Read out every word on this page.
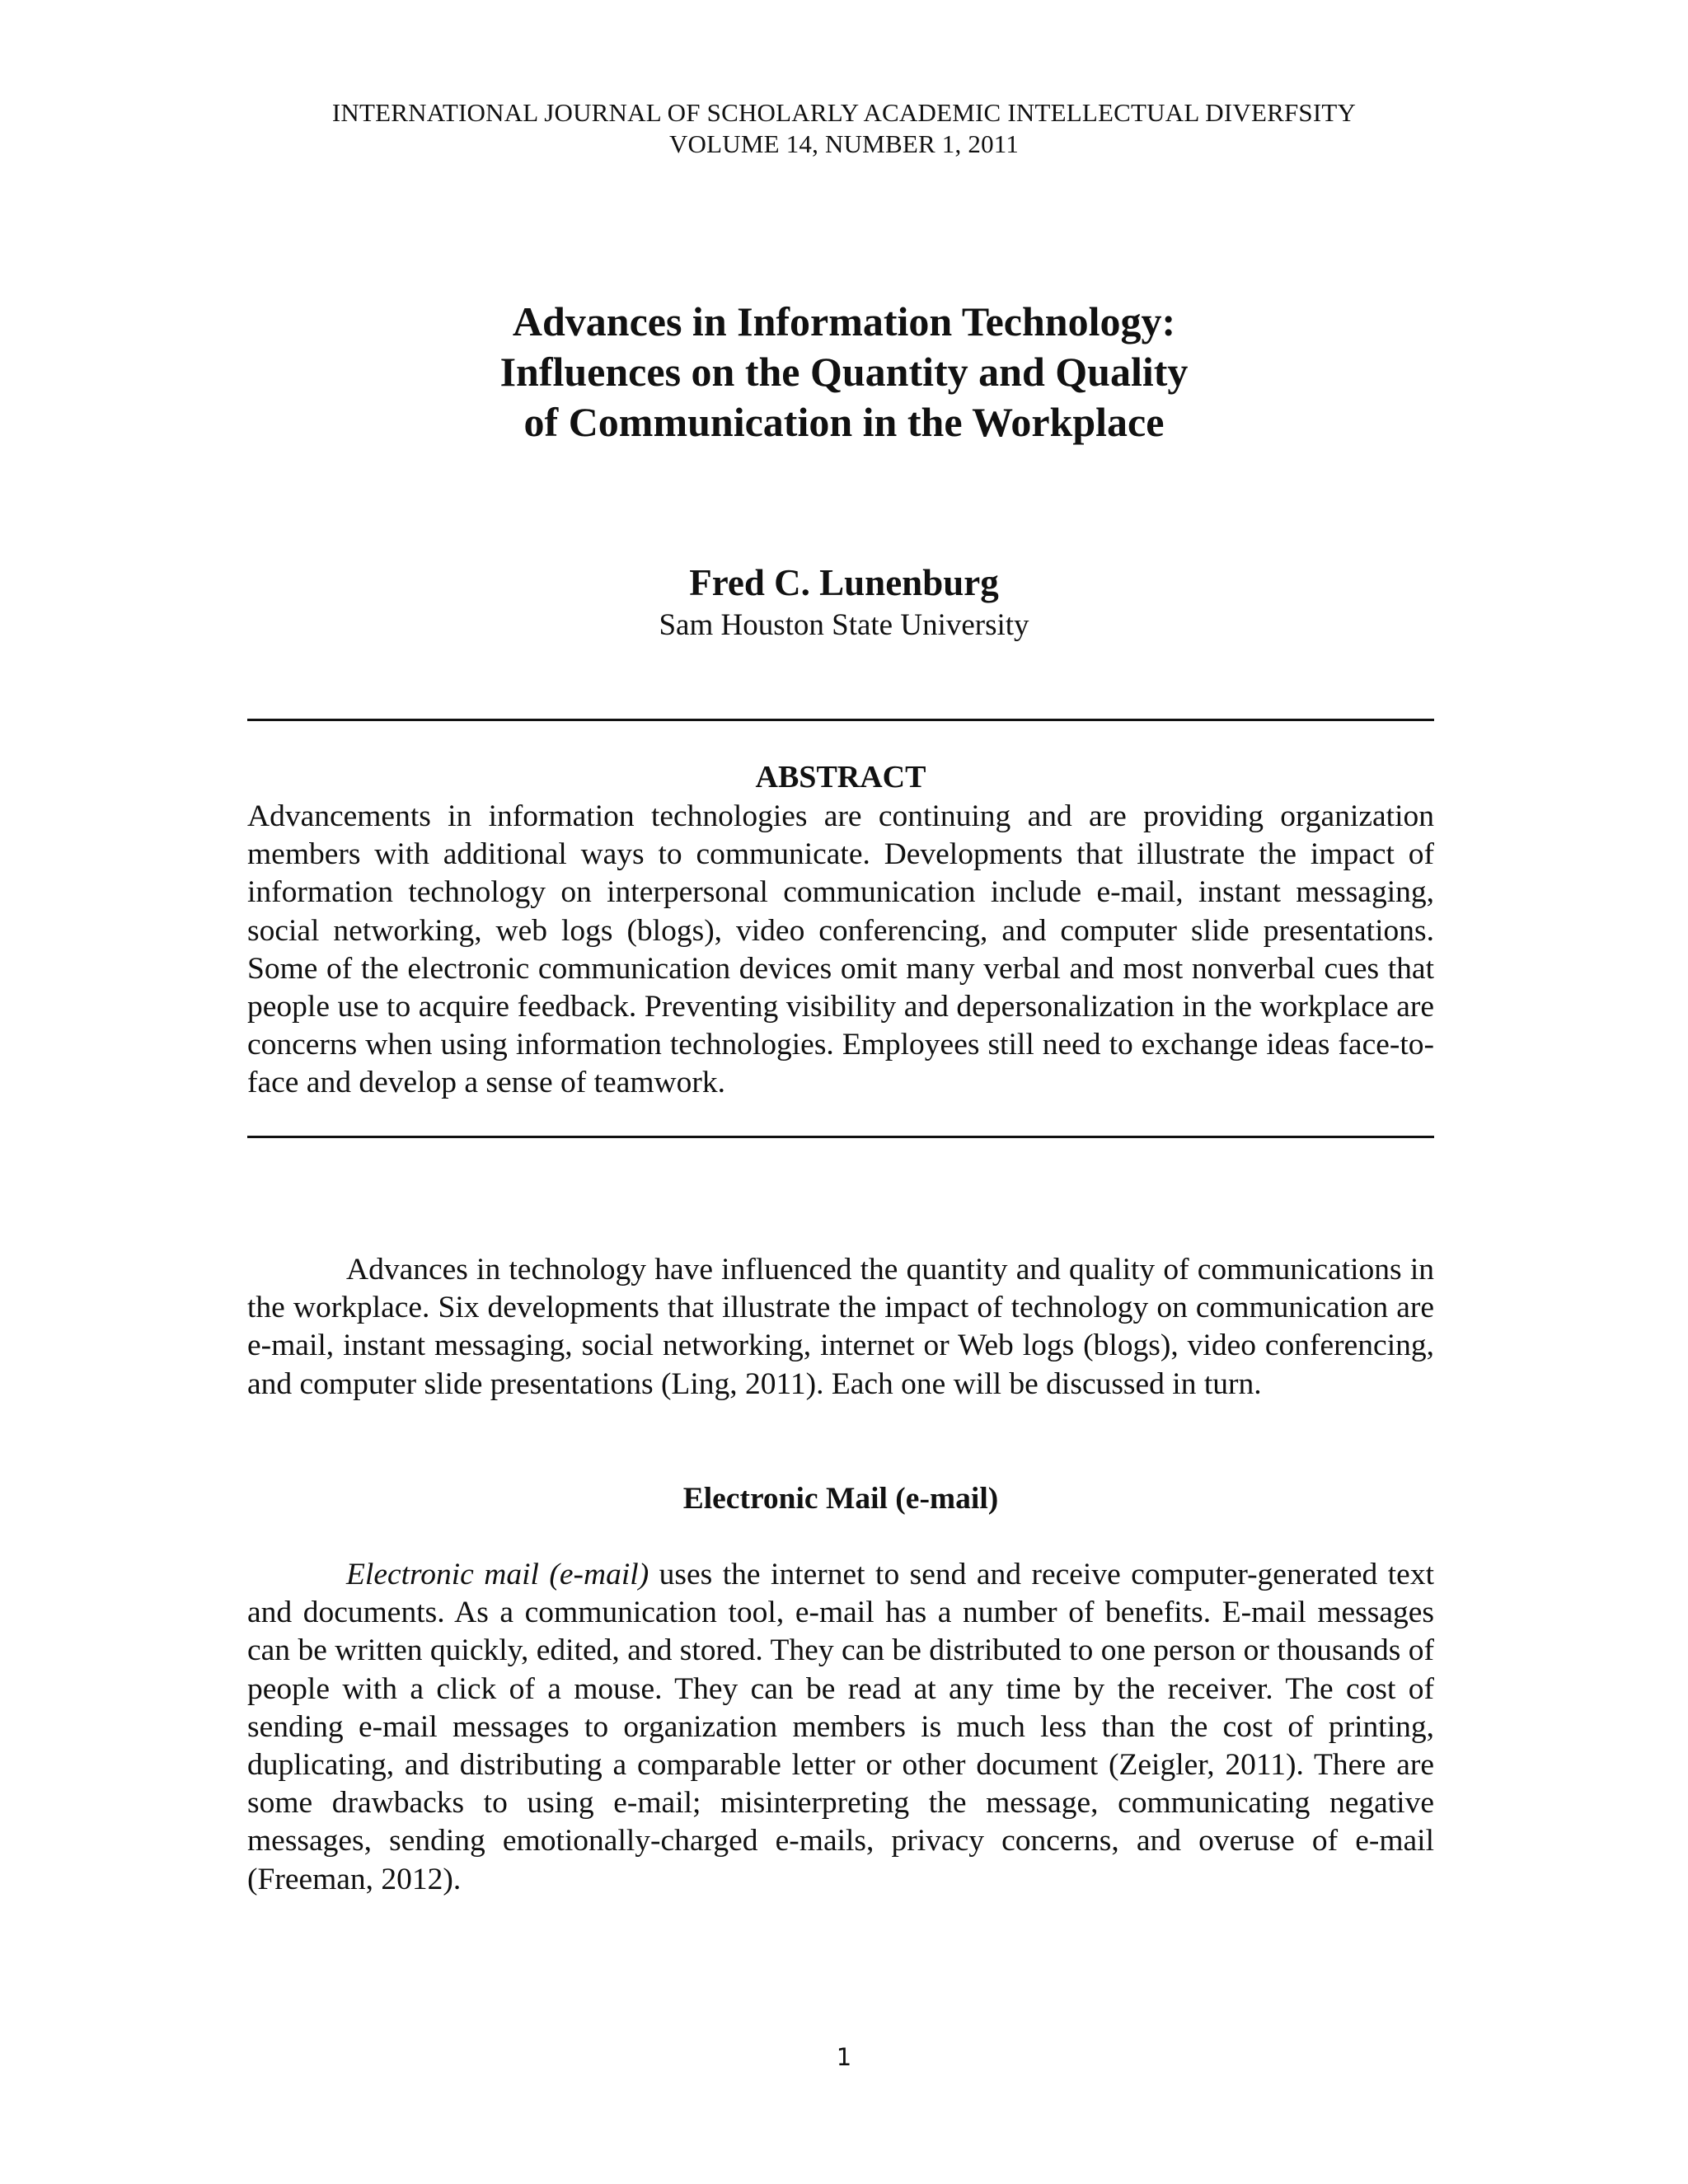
INTERNATIONAL JOURNAL OF SCHOLARLY ACADEMIC INTELLECTUAL DIVERFSITY
VOLUME 14, NUMBER 1, 2011
Advances in Information Technology:
Influences on the Quantity and Quality
of Communication in the Workplace
Fred C. Lunenburg
Sam Houston State University
ABSTRACT

Advancements in information technologies are continuing and are providing organization members with additional ways to communicate. Developments that illustrate the impact of information technology on interpersonal communication include e-mail, instant messaging, social networking, web logs (blogs), video conferencing, and computer slide presentations. Some of the electronic communication devices omit many verbal and most nonverbal cues that people use to acquire feedback. Preventing visibility and depersonalization in the workplace are concerns when using information technologies. Employees still need to exchange ideas face-to-face and develop a sense of teamwork.

Advances in technology have influenced the quantity and quality of communications in the workplace. Six developments that illustrate the impact of technology on communication are e-mail, instant messaging, social networking, internet or Web logs (blogs), video conferencing, and computer slide presentations (Ling, 2011). Each one will be discussed in turn.

Electronic Mail (e-mail)

Electronic mail (e-mail) uses the internet to send and receive computer-generated text and documents. As a communication tool, e-mail has a number of benefits. E-mail messages can be written quickly, edited, and stored. They can be distributed to one person or thousands of people with a click of a mouse. They can be read at any time by the receiver. The cost of sending e-mail messages to organization members is much less than the cost of printing, duplicating, and distributing a comparable letter or other document (Zeigler, 2011). There are some drawbacks to using e-mail; misinterpreting the message, communicating negative messages, sending emotionally-charged e-mails, privacy concerns, and overuse of e-mail (Freeman, 2012).

1
